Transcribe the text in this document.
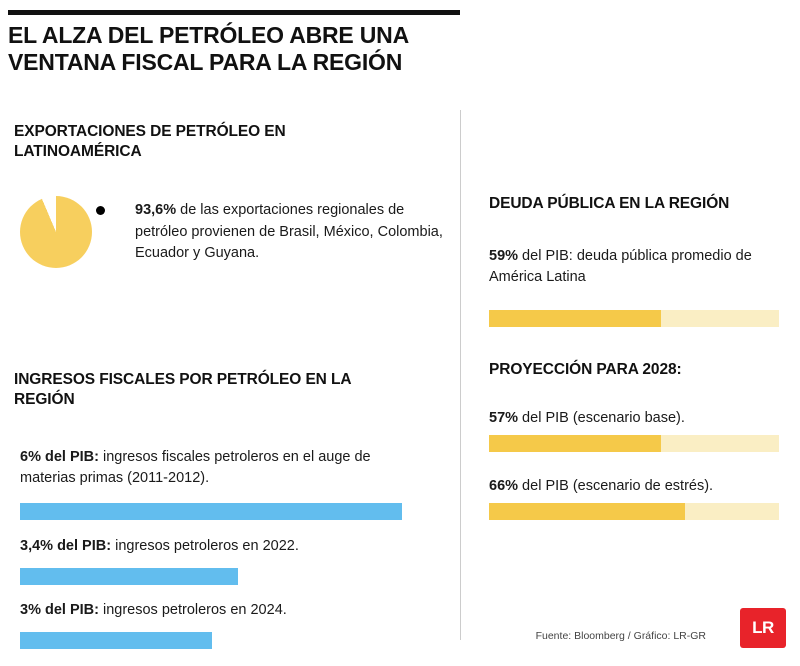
EL ALZA DEL PETRÓLEO ABRE UNA VENTANA FISCAL PARA LA REGIÓN
EXPORTACIONES DE PETRÓLEO EN LATINOAMÉRICA
93,6% de las exportaciones regionales de petróleo provienen de Brasil, México, Colombia, Ecuador y Guyana.
INGRESOS FISCALES POR PETRÓLEO EN LA REGIÓN
6% del PIB: ingresos fiscales petroleros en el auge de materias primas (2011-2012).
3,4% del PIB: ingresos petroleros en 2022.
3% del PIB: ingresos petroleros en 2024.
DEUDA PÚBLICA EN LA REGIÓN
59% del PIB: deuda pública promedio de América Latina
PROYECCIÓN PARA 2028:
57% del PIB (escenario base).
66% del PIB (escenario de estrés).
Fuente: Bloomberg / Gráfico: LR-GR	LR
